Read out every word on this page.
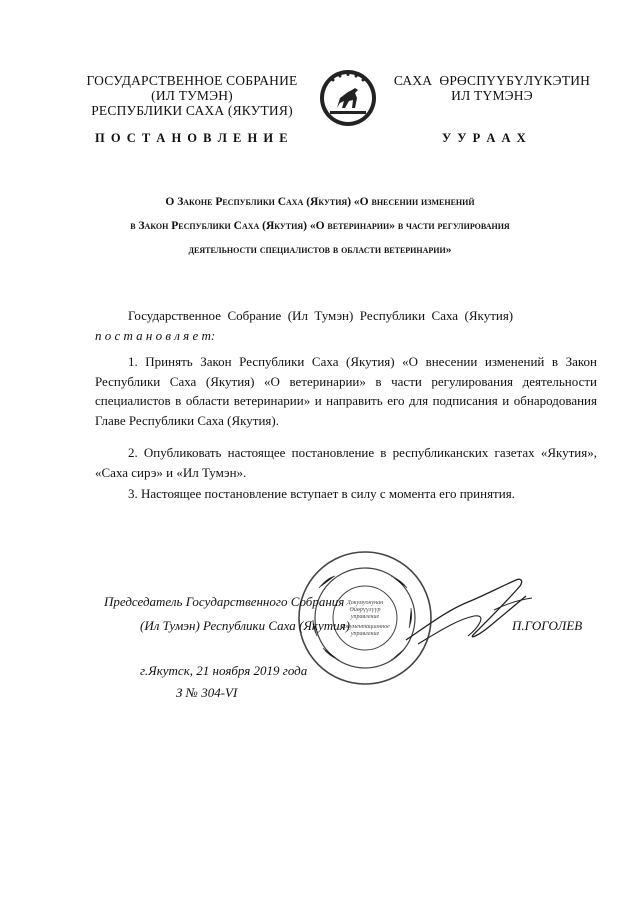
ГОСУДАРСТВЕННОЕ СОБРАНИЕ
(ИЛ ТУМЭН)
РЕСПУБЛИКИ САХА (ЯКУТИЯ)
САХА  ӨРӨСПҮҮБҮЛҮКЭТИН
ИЛ ТҮМЭНЭ
П О С Т А Н О В Л Е Н И Е	У У Р А А Х
О Законе Республики Саха (Якутия) «О внесении изменений
в Закон Республики Саха (Якутия) «О ветеринарии» в части регулирования
деятельности специалистов в области ветеринарии»
Государственное  Собрание  (Ил  Тумэн)  Республики  Саха  (Якутия)
п о с т а н о в л я е т:
1. Принять Закон Республики Саха (Якутия) «О внесении изменений в Закон Республики Саха (Якутия) «О ветеринарии» в части регулирования деятельности специалистов в области ветеринарии» и направить его для подписания и обнародования Главе Республики Саха (Якутия).
2. Опубликовать настоящее постановление в республиканских газетах «Якутия», «Саха сирэ» и «Ил Тумэн».
3. Настоящее постановление вступает в силу с момента его принятия.
Докумуонунан
Өйөрүүлүүр
управление
Документационное
управление
Председатель Государственного Собрания
(Ил Тумэн) Республики Саха (Якутия)	П.ГОГОЛЕВ
г.Якутск, 21 ноября 2019 года
З № 304-VI
